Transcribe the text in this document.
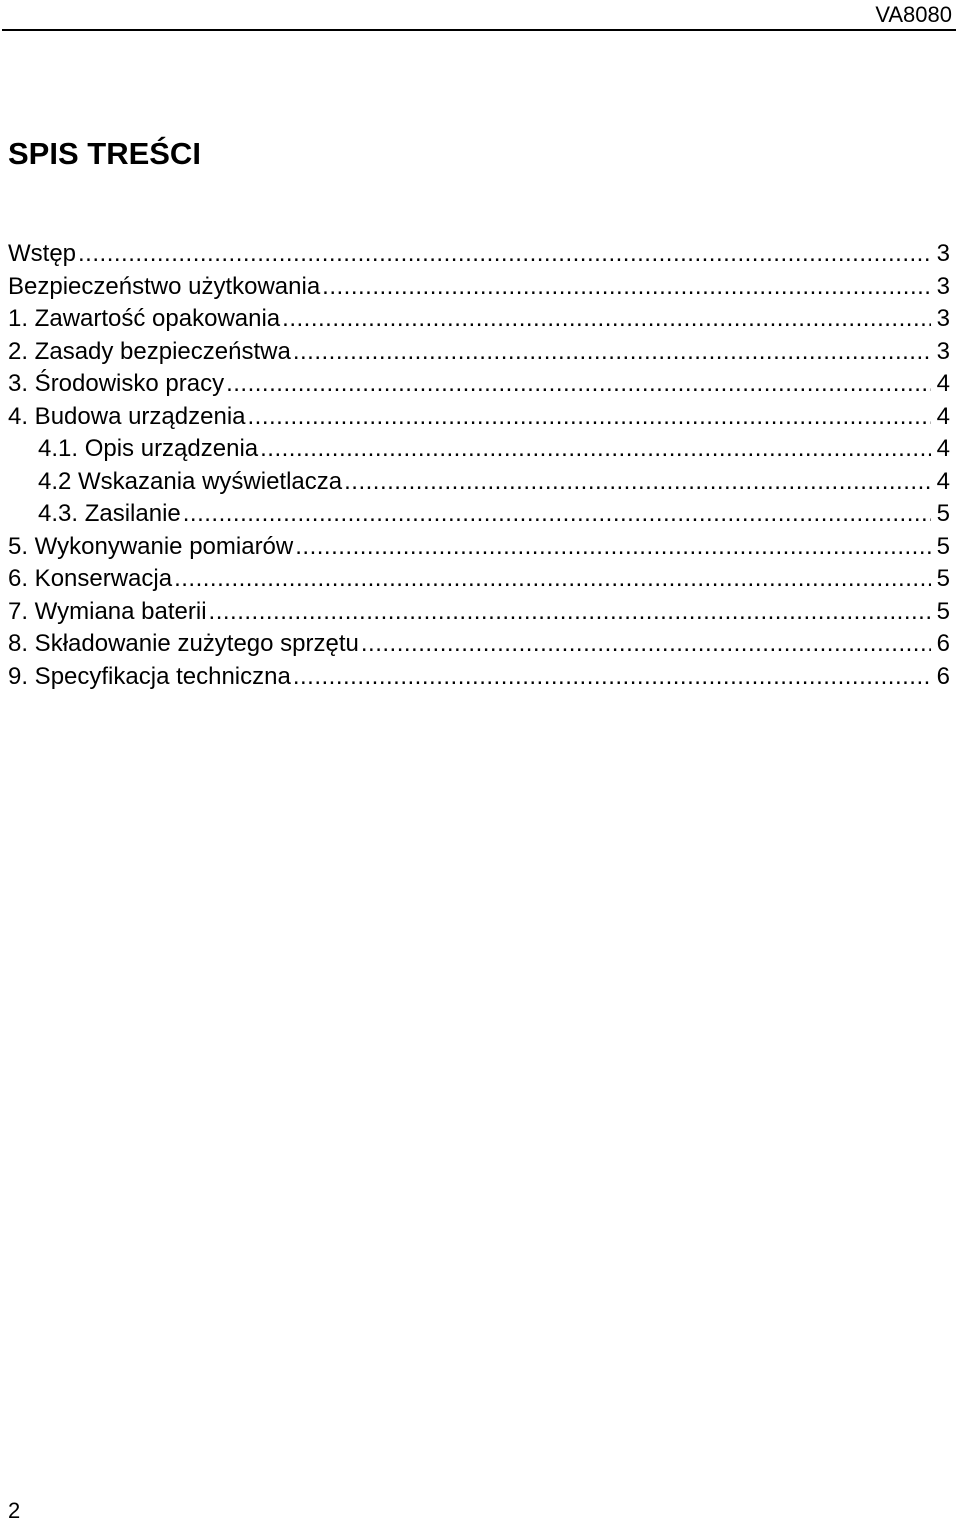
VA8080
SPIS TREŚCI
Wstęp .....	3
Bezpieczeństwo użytkowania .....	3
1. Zawartość opakowania .....	3
2. Zasady bezpieczeństwa .....	3
3. Środowisko pracy .....	4
4. Budowa urządzenia .....	4
4.1. Opis urządzenia .....	4
4.2 Wskazania wyświetlacza .....	4
4.3. Zasilanie .....	5
5. Wykonywanie pomiarów .....	5
6. Konserwacja .....	5
7. Wymiana baterii .....	5
8. Składowanie zużytego sprzętu .....	6
9. Specyfikacja techniczna .....	6
2
